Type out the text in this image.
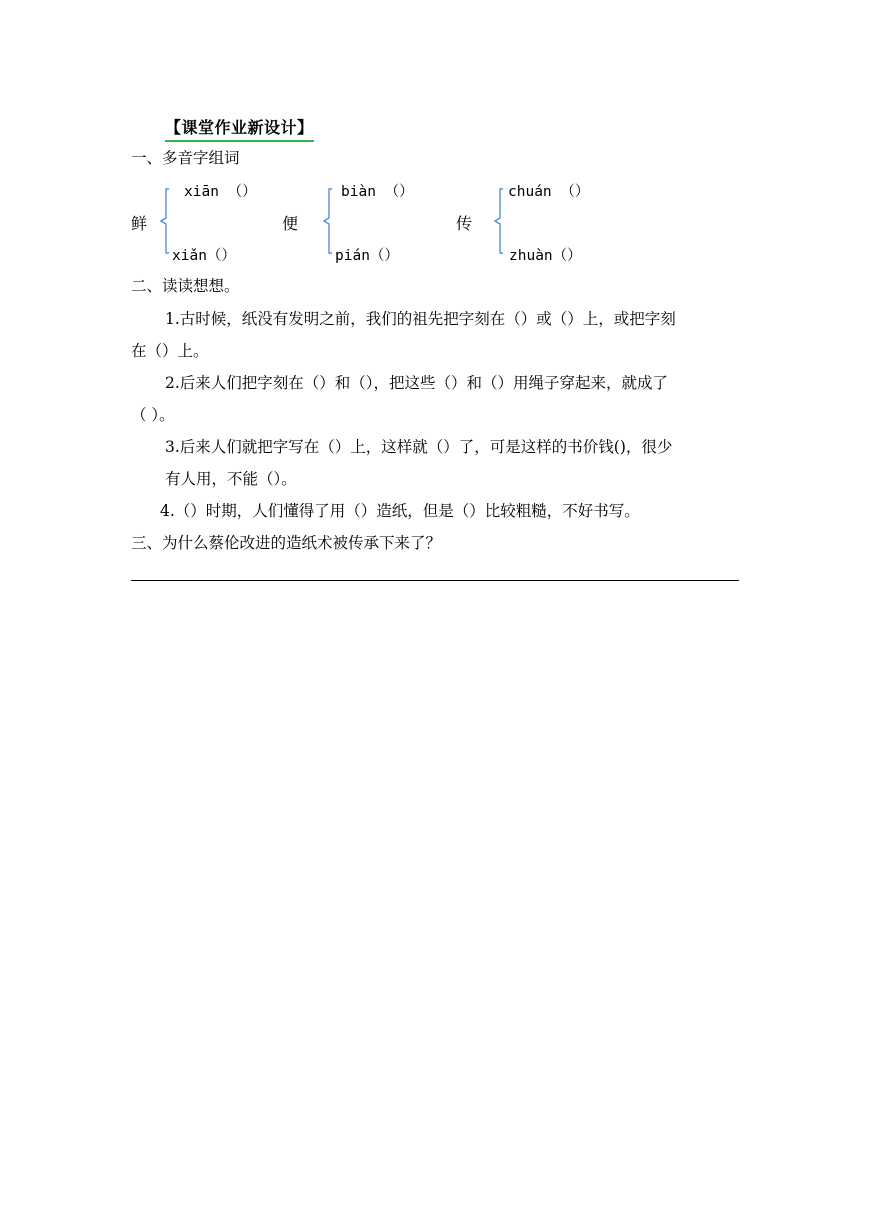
【课堂作业新设计】
一、多音字组词
鲜
xiān （）
xiǎn（）
便
biàn （）
pián（）
传
chuán （）
zhuàn（）
二、读读想想。
1.古时候，纸没有发明之前，我们的祖先把字刻在（）或（）上，或把字刻
在（）上。
2.后来人们把字刻在（）和（），把这些（）和（）用绳子穿起来，就成了
（ ）。
3.后来人们就把字写在（）上，这样就（）了，可是这样的书价钱()，很少
有人用，不能（）。
4.（）时期，人们懂得了用（）造纸，但是（）比较粗糙，不好书写。
三、为什么蔡伦改进的造纸术被传承下来了？
